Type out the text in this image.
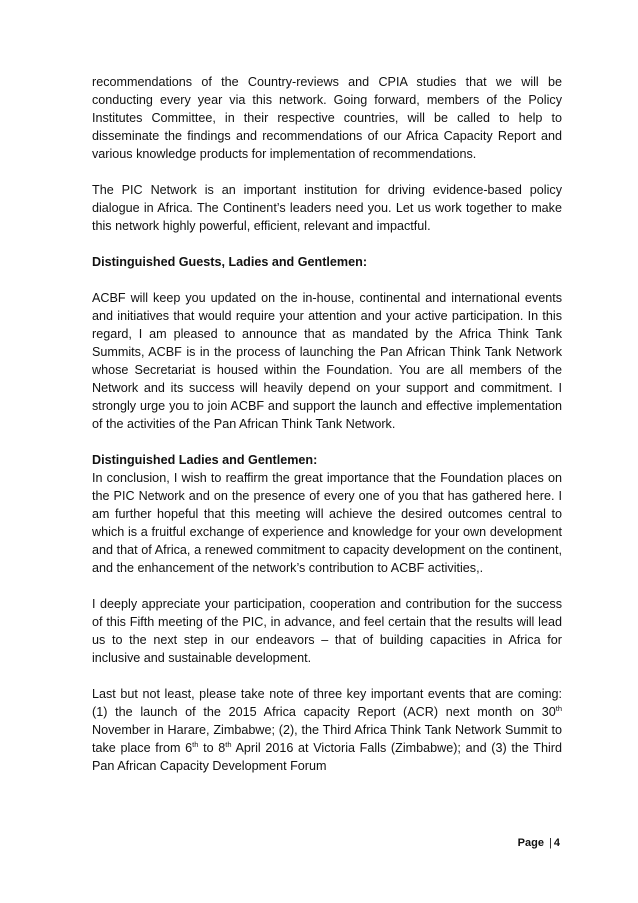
recommendations of the Country-reviews and CPIA studies that we will be conducting every year via this network. Going forward, members of the Policy Institutes Committee, in their respective countries, will be called to help to disseminate the findings and recommendations of our Africa Capacity Report and various knowledge products for implementation of recommendations.

The PIC Network is an important institution for driving evidence-based policy dialogue in Africa. The Continent’s leaders need you. Let us work together to make this network highly powerful, efficient, relevant and impactful.

Distinguished Guests, Ladies and Gentlemen:

ACBF will keep you updated on the in-house, continental and international events and initiatives that would require your attention and your active participation. In this regard, I am pleased to announce that as mandated by the Africa Think Tank Summits, ACBF is in the process of launching the Pan African Think Tank Network whose Secretariat is housed within the Foundation. You are all members of the Network and its success will heavily depend on your support and commitment. I strongly urge you to join ACBF and support the launch and effective implementation of the activities of the Pan African Think Tank Network.

Distinguished Ladies and Gentlemen:

In conclusion, I wish to reaffirm the great importance that the Foundation places on the PIC Network and on the presence of every one of you that has gathered here. I am further hopeful that this meeting will achieve the desired outcomes central to which is a fruitful exchange of experience and knowledge for your own development and that of Africa, a renewed commitment to capacity development on the continent, and the enhancement of the network’s contribution to ACBF activities,.

I deeply appreciate your participation, cooperation and contribution for the success of this Fifth meeting of the PIC, in advance, and feel certain that the results will lead us to the next step in our endeavors – that of building capacities in Africa for inclusive and sustainable development.

Last but not least, please take note of three key important events that are coming: (1) the launch of the 2015 Africa capacity Report (ACR) next month on 30th November in Harare, Zimbabwe; (2), the Third Africa Think Tank Network Summit to take place from 6th to 8th April 2016 at Victoria Falls (Zimbabwe); and (3) the Third Pan African Capacity Development Forum

Page | 4
